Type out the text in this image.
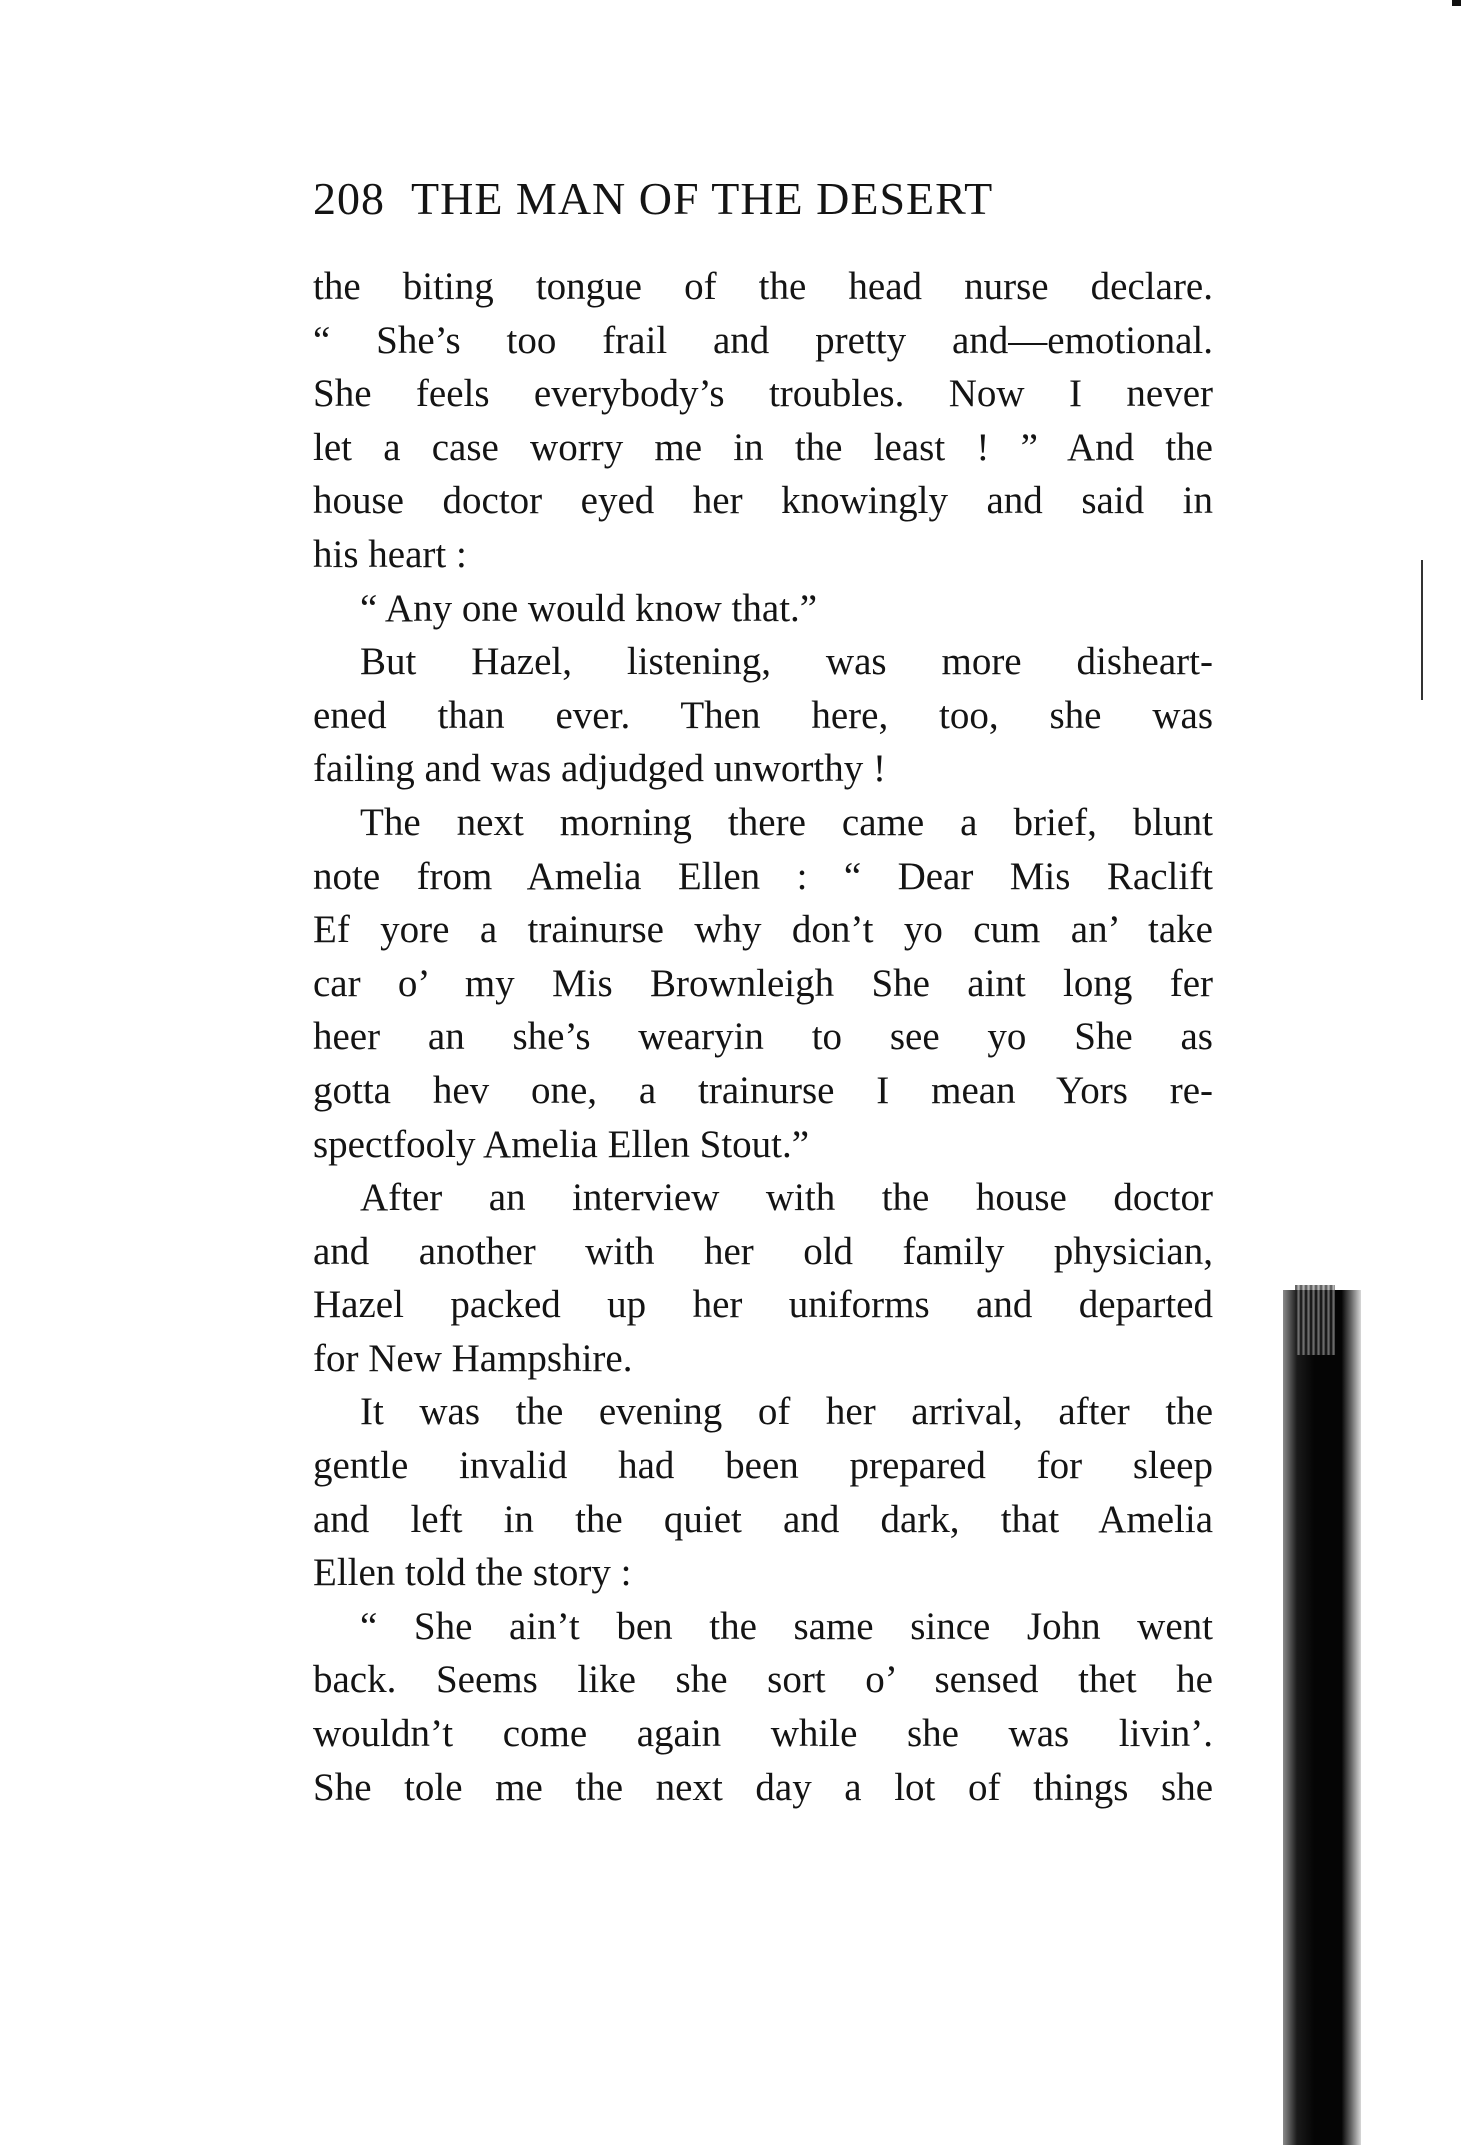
208 THE MAN OF THE DESERT
the biting tongue of the head nurse declare.
“ She’s too frail and pretty and—emotional.
She feels everybody’s troubles. Now I never
let a case worry me in the least ! ” And the
house doctor eyed her knowingly and said in
his heart :
“ Any one would know that.”
But Hazel, listening, was more disheart-
ened than ever. Then here, too, she was
failing and was adjudged unworthy !
The next morning there came a brief, blunt
note from Amelia Ellen : “ Dear Mis Raclift
Ef yore a trainurse why don’t yo cum an’ take
car o’ my Mis Brownleigh She aint long fer
heer an she’s wearyin to see yo She as
gotta hev one, a trainurse I mean Yors re-
spectfooly Amelia Ellen Stout.”
After an interview with the house doctor
and another with her old family physician,
Hazel packed up her uniforms and departed
for New Hampshire.
It was the evening of her arrival, after the
gentle invalid had been prepared for sleep
and left in the quiet and dark, that Amelia
Ellen told the story :
“ She ain’t ben the same since John went
back. Seems like she sort o’ sensed thet he
wouldn’t come again while she was livin’.
She tole me the next day a lot of things she
